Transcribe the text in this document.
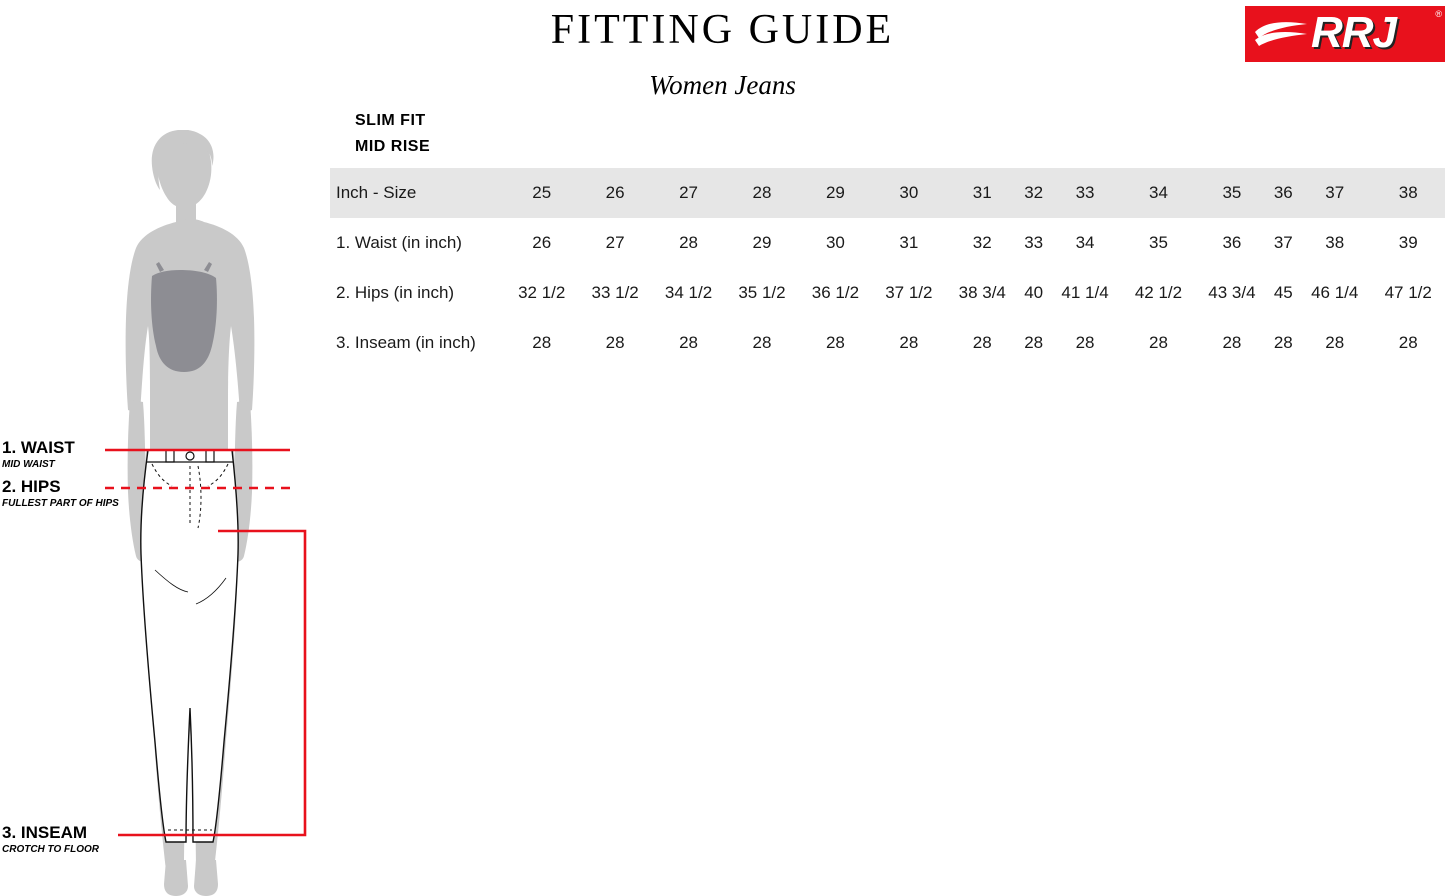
FITTING GUIDE
Women Jeans
RRJ	®
SLIM FIT
MID RISE
Inch - Size	25	26	27	28	29	30	31	32	33	34	35	36	37	38
1. Waist (in inch)	26	27	28	29	30	31	32	33	34	35	36	37	38	39
2. Hips (in inch)	32 1/2	33 1/2	34 1/2	35 1/2	36 1/2	37 1/2	38 3/4	40	41 1/4	42 1/2	43 3/4	45	46 1/4	47 1/2
3. Inseam (in inch)	28	28	28	28	28	28	28	28	28	28	28	28	28	28
1. WAIST
MID WAIST
2. HIPS
FULLEST PART OF HIPS
3. INSEAM
CROTCH TO FLOOR
